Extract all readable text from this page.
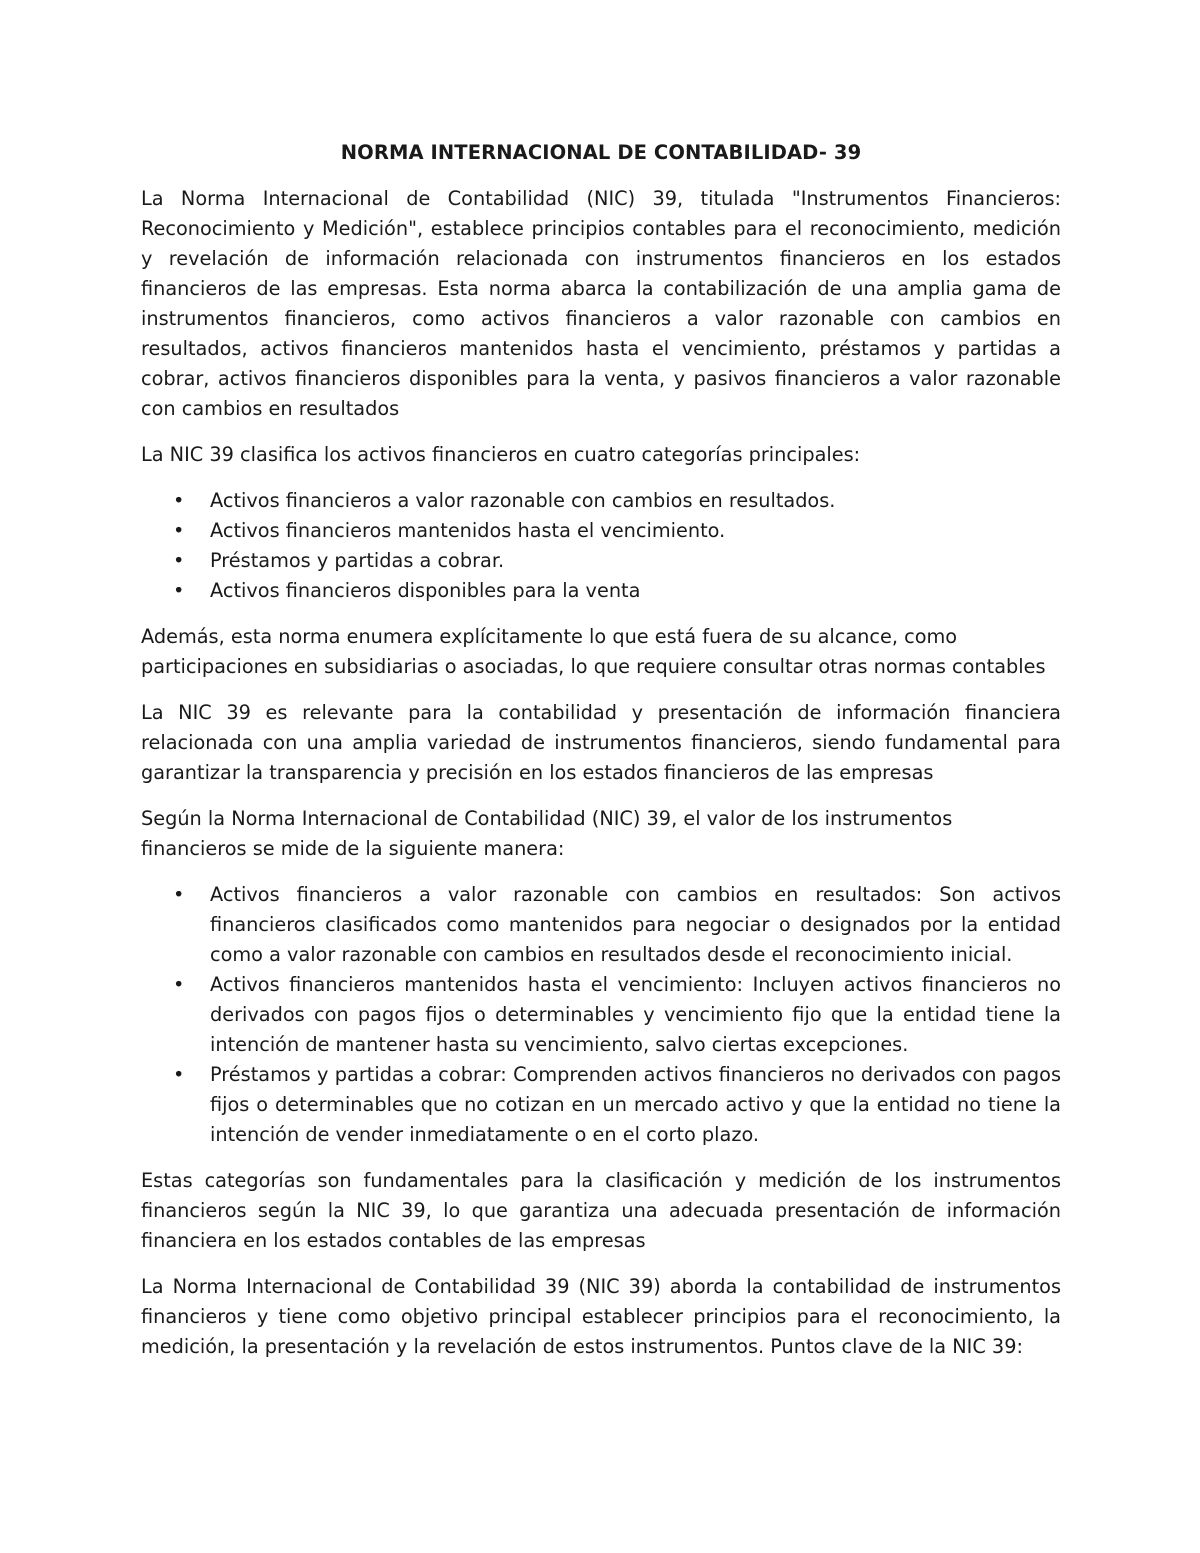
NORMA INTERNACIONAL DE CONTABILIDAD- 39

La Norma Internacional de Contabilidad (NIC) 39, titulada "Instrumentos Financieros: Reconocimiento y Medición", establece principios contables para el reconocimiento, medición y revelación de información relacionada con instrumentos financieros en los estados financieros de las empresas. Esta norma abarca la contabilización de una amplia gama de instrumentos financieros, como activos financieros a valor razonable con cambios en resultados, activos financieros mantenidos hasta el vencimiento, préstamos y partidas a cobrar, activos financieros disponibles para la venta, y pasivos financieros a valor razonable con cambios en resultados

La NIC 39 clasifica los activos financieros en cuatro categorías principales:

• Activos financieros a valor razonable con cambios en resultados.
• Activos financieros mantenidos hasta el vencimiento.
• Préstamos y partidas a cobrar.
• Activos financieros disponibles para la venta

Además, esta norma enumera explícitamente lo que está fuera de su alcance, como participaciones en subsidiarias o asociadas, lo que requiere consultar otras normas contables

La NIC 39 es relevante para la contabilidad y presentación de información financiera relacionada con una amplia variedad de instrumentos financieros, siendo fundamental para garantizar la transparencia y precisión en los estados financieros de las empresas

Según la Norma Internacional de Contabilidad (NIC) 39, el valor de los instrumentos financieros se mide de la siguiente manera:

• Activos financieros a valor razonable con cambios en resultados: Son activos financieros clasificados como mantenidos para negociar o designados por la entidad como a valor razonable con cambios en resultados desde el reconocimiento inicial.
• Activos financieros mantenidos hasta el vencimiento: Incluyen activos financieros no derivados con pagos fijos o determinables y vencimiento fijo que la entidad tiene la intención de mantener hasta su vencimiento, salvo ciertas excepciones.
• Préstamos y partidas a cobrar: Comprenden activos financieros no derivados con pagos fijos o determinables que no cotizan en un mercado activo y que la entidad no tiene la intención de vender inmediatamente o en el corto plazo.

Estas categorías son fundamentales para la clasificación y medición de los instrumentos financieros según la NIC 39, lo que garantiza una adecuada presentación de información financiera en los estados contables de las empresas

La Norma Internacional de Contabilidad 39 (NIC 39) aborda la contabilidad de instrumentos financieros y tiene como objetivo principal establecer principios para el reconocimiento, la medición, la presentación y la revelación de estos instrumentos. Puntos clave de la NIC 39:
